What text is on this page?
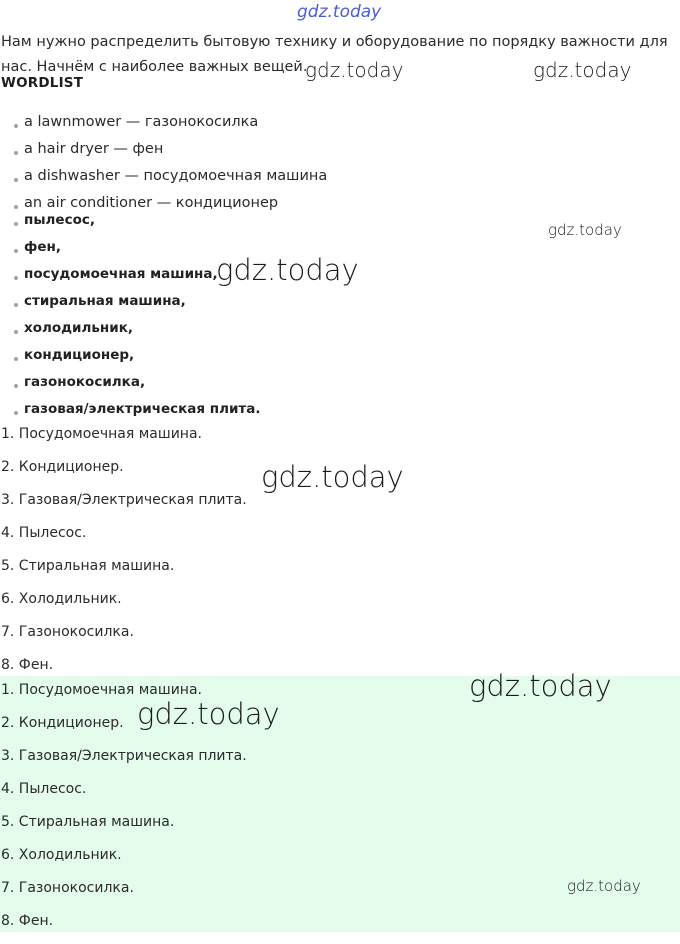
gdz.today
Нам нужно распределить бытовую технику и оборудование по порядку важности для нас. Начнём с наиболее важных вещей.
WORDLIST
a lawnmower — газонокосилка
a hair dryer — фен
a dishwasher — посудомоечная машина
an air conditioner — кондиционер
пылесос,
фен,
посудомоечная машина,
стиральная машина,
холодильник,
кондиционер,
газонокосилка,
газовая/электрическая плита.
1. Посудомоечная машина.
2. Кондиционер.
3. Газовая/Электрическая плита.
4. Пылесос.
5. Стиральная машина.
6. Холодильник.
7. Газонокосилка.
8. Фен.
1. Посудомоечная машина.
2. Кондиционер.
3. Газовая/Электрическая плита.
4. Пылесос.
5. Стиральная машина.
6. Холодильник.
7. Газонокосилка.
8. Фен.
gdz.today	gdz.today
gdz.today
gdz.today
gdz.today
gdz.today
gdz.today
gdz.today
